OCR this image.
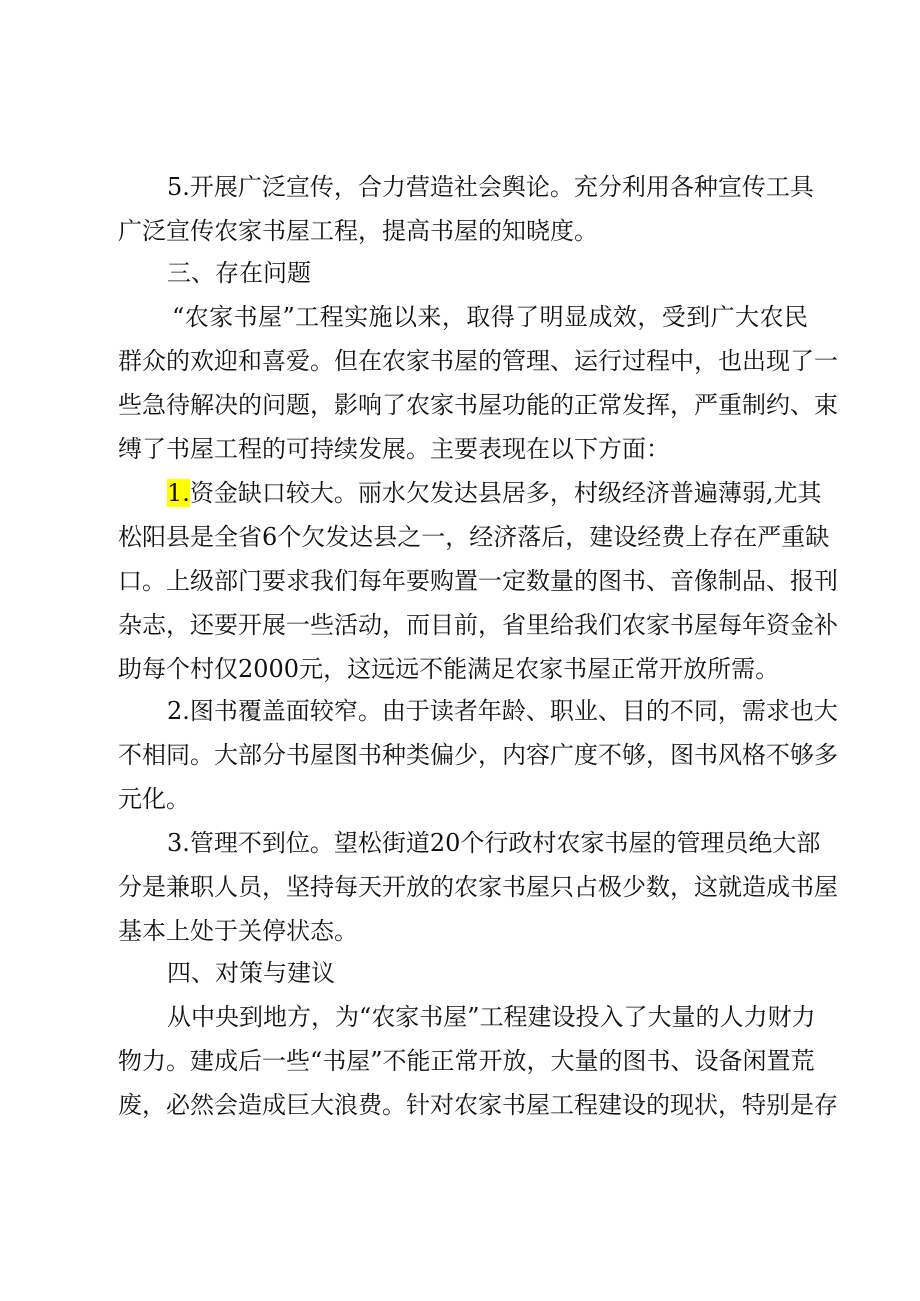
5.开展广泛宣传，合力营造社会舆论。充分利用各种宣传工具

广泛宣传农家书屋工程，提高书屋的知晓度。

三、存在问题

“农家书屋”工程实施以来，取得了明显成效，受到广大农民

群众的欢迎和喜爱。但在农家书屋的管理、运行过程中，也出现了一

些急待解决的问题，影响了农家书屋功能的正常发挥，严重制约、束

缚了书屋工程的可持续发展。主要表现在以下方面：

1.资金缺口较大。丽水欠发达县居多，村级经济普遍薄弱,尤其

松阳县是全省6个欠发达县之一，经济落后，建设经费上存在严重缺

口。上级部门要求我们每年要购置一定数量的图书、音像制品、报刊

杂志，还要开展一些活动，而目前，省里给我们农家书屋每年资金补

助每个村仅2000元，这远远不能满足农家书屋正常开放所需。

2.图书覆盖面较窄。由于读者年龄、职业、目的不同，需求也大

不相同。大部分书屋图书种类偏少，内容广度不够，图书风格不够多

元化。

3.管理不到位。望松街道20个行政村农家书屋的管理员绝大部

分是兼职人员，坚持每天开放的农家书屋只占极少数，这就造成书屋

基本上处于关停状态。

四、对策与建议

从中央到地方，为“农家书屋”工程建设投入了大量的人力财力

物力。建成后一些“书屋”不能正常开放，大量的图书、设备闲置荒

废，必然会造成巨大浪费。针对农家书屋工程建设的现状，特别是存
